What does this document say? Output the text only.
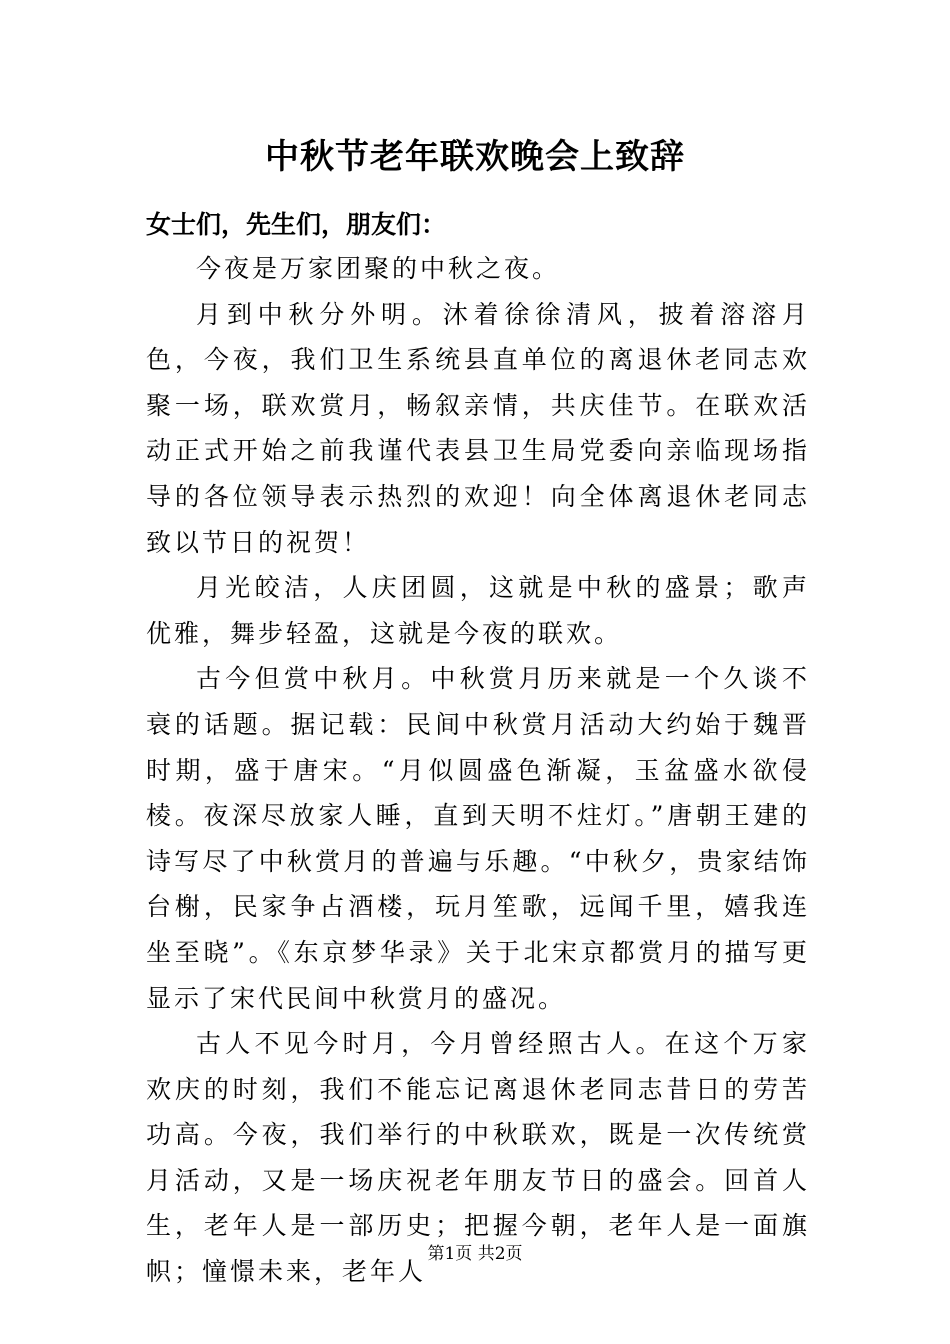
中秋节老年联欢晚会上致辞
女士们，先生们，朋友们：

今夜是万家团聚的中秋之夜。

月到中秋分外明。沐着徐徐清风，披着溶溶月色，今夜，我们卫生系统县直单位的离退休老同志欢聚一场，联欢赏月，畅叙亲情，共庆佳节。在联欢活动正式开始之前我谨代表县卫生局党委向亲临现场指导的各位领导表示热烈的欢迎！向全体离退休老同志致以节日的祝贺！

月光皎洁，人庆团圆，这就是中秋的盛景；歌声优雅，舞步轻盈，这就是今夜的联欢。

古今但赏中秋月。中秋赏月历来就是一个久谈不衰的话题。据记载：民间中秋赏月活动大约始于魏晋时期，盛于唐宋。“月似圆盛色渐凝，玉盆盛水欲侵棱。夜深尽放家人睡，直到天明不炷灯。”唐朝王建的诗写尽了中秋赏月的普遍与乐趣。“中秋夕，贵家结饰台榭，民家争占酒楼，玩月笙歌，远闻千里，嬉我连坐至晓”。《东京梦华录》关于北宋京都赏月的描写更显示了宋代民间中秋赏月的盛况。

古人不见今时月，今月曾经照古人。在这个万家欢庆的时刻，我们不能忘记离退休老同志昔日的劳苦功高。今夜，我们举行的中秋联欢，既是一次传统赏月活动，又是一场庆祝老年朋友节日的盛会。回首人生，老年人是一部历史；把握今朝，老年人是一面旗帜；憧憬未来，老年人

第1页 共2页
